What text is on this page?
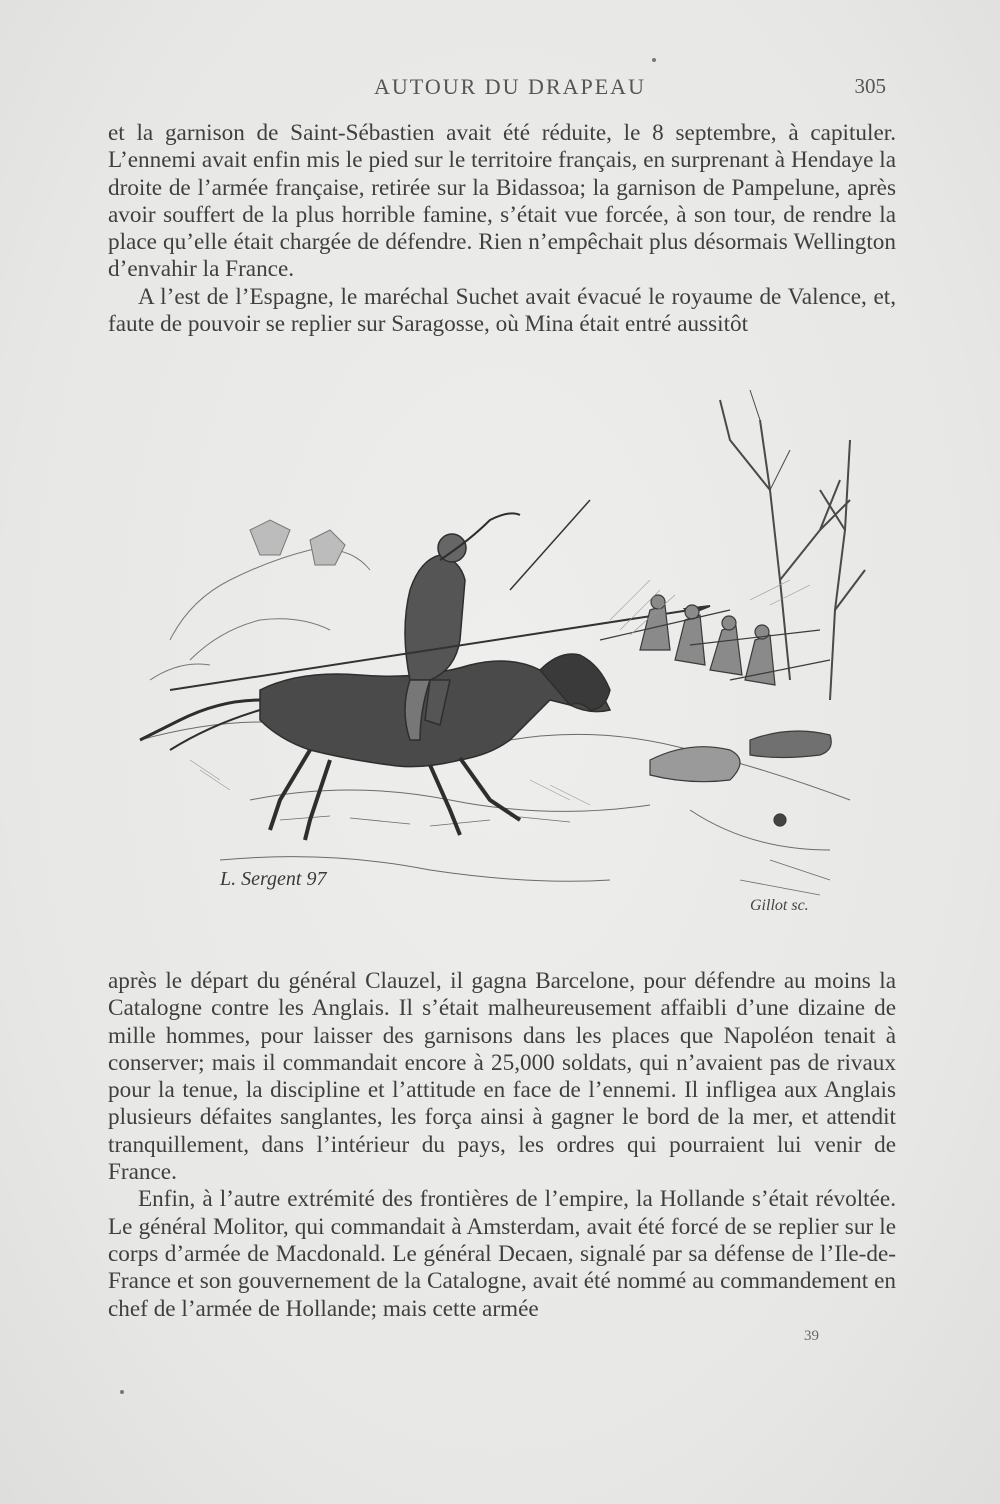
AUTOUR DU DRAPEAU	305

et la garnison de Saint-Sébastien avait été réduite, le 8 septembre, à capituler. L’ennemi avait enfin mis le pied sur le territoire français, en surprenant à Hendaye la droite de l’armée française, retirée sur la Bidassoa; la garnison de Pampelune, après avoir souffert de la plus horrible famine, s’était vue forcée, à son tour, de rendre la place qu’elle était chargée de défendre. Rien n’empêchait plus désormais Wellington d’envahir la France.

A l’est de l’Espagne, le maréchal Suchet avait évacué le royaume de Valence, et, faute de pouvoir se replier sur Saragosse, où Mina était entré aussitôt

L. Sergent 97
Gillot sc.

après le départ du général Clauzel, il gagna Barcelone, pour défendre au moins la Catalogne contre les Anglais. Il s’était malheureusement affaibli d’une dizaine de mille hommes, pour laisser des garnisons dans les places que Napoléon tenait à conserver; mais il commandait encore à 25,000 soldats, qui n’avaient pas de rivaux pour la tenue, la discipline et l’attitude en face de l’ennemi. Il infligea aux Anglais plusieurs défaites sanglantes, les força ainsi à gagner le bord de la mer, et attendit tranquillement, dans l’intérieur du pays, les ordres qui pourraient lui venir de France.

Enfin, à l’autre extrémité des frontières de l’empire, la Hollande s’était révoltée. Le général Molitor, qui commandait à Amsterdam, avait été forcé de se replier sur le corps d’armée de Macdonald. Le général Decaen, signalé par sa défense de l’Ile-de-France et son gouvernement de la Catalogne, avait été nommé au commandement en chef de l’armée de Hollande; mais cette armée

39
